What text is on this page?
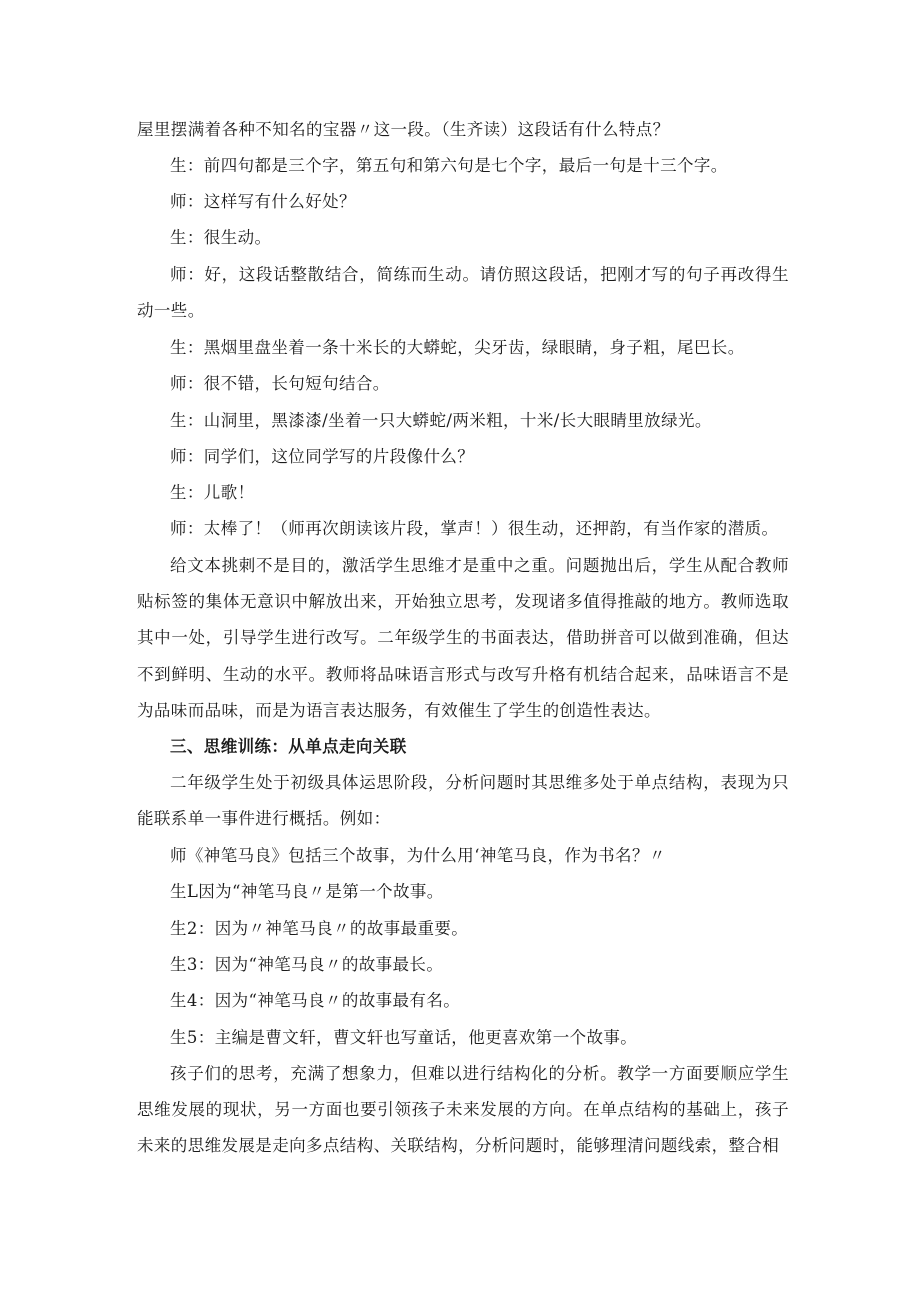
屋里摆满着各种不知名的宝器〃这一段。（生齐读）这段话有什么特点？

生：前四句都是三个字，第五句和第六句是七个字，最后一句是十三个字。

师：这样写有什么好处？

生：很生动。

师：好，这段话整散结合，简练而生动。请仿照这段话，把刚才写的句子再改得生动一些。

生：黑烟里盘坐着一条十米长的大蟒蛇，尖牙齿，绿眼睛，身子粗，尾巴长。

师：很不错，长句短句结合。

生：山洞里，黑漆漆/坐着一只大蟒蛇/两米粗，十米/长大眼睛里放绿光。

师：同学们，这位同学写的片段像什么？

生：儿歌！

师：太棒了！（师再次朗读该片段，掌声！）很生动，还押韵，有当作家的潜质。

给文本挑刺不是目的，激活学生思维才是重中之重。问题抛出后，学生从配合教师贴标签的集体无意识中解放出来，开始独立思考，发现诸多值得推敲的地方。教师选取其中一处，引导学生进行改写。二年级学生的书面表达，借助拼音可以做到准确，但达不到鲜明、生动的水平。教师将品味语言形式与改写升格有机结合起来，品味语言不是为品味而品味，而是为语言表达服务，有效催生了学生的创造性表达。

三、思维训练：从单点走向关联

二年级学生处于初级具体运思阶段，分析问题时其思维多处于单点结构，表现为只能联系单一事件进行概括。例如：

师《神笔马良》包括三个故事，为什么用‘神笔马良，作为书名？〃

生L因为“神笔马良〃是第一个故事。

生2：因为〃神笔马良〃的故事最重要。

生3：因为“神笔马良〃的故事最长。

生4：因为“神笔马良〃的故事最有名。

生5：主编是曹文轩，曹文轩也写童话，他更喜欢第一个故事。

孩子们的思考，充满了想象力，但难以进行结构化的分析。教学一方面要顺应学生思维发展的现状，另一方面也要引领孩子未来发展的方向。在单点结构的基础上，孩子未来的思维发展是走向多点结构、关联结构，分析问题时，能够理清问题线索，整合相
